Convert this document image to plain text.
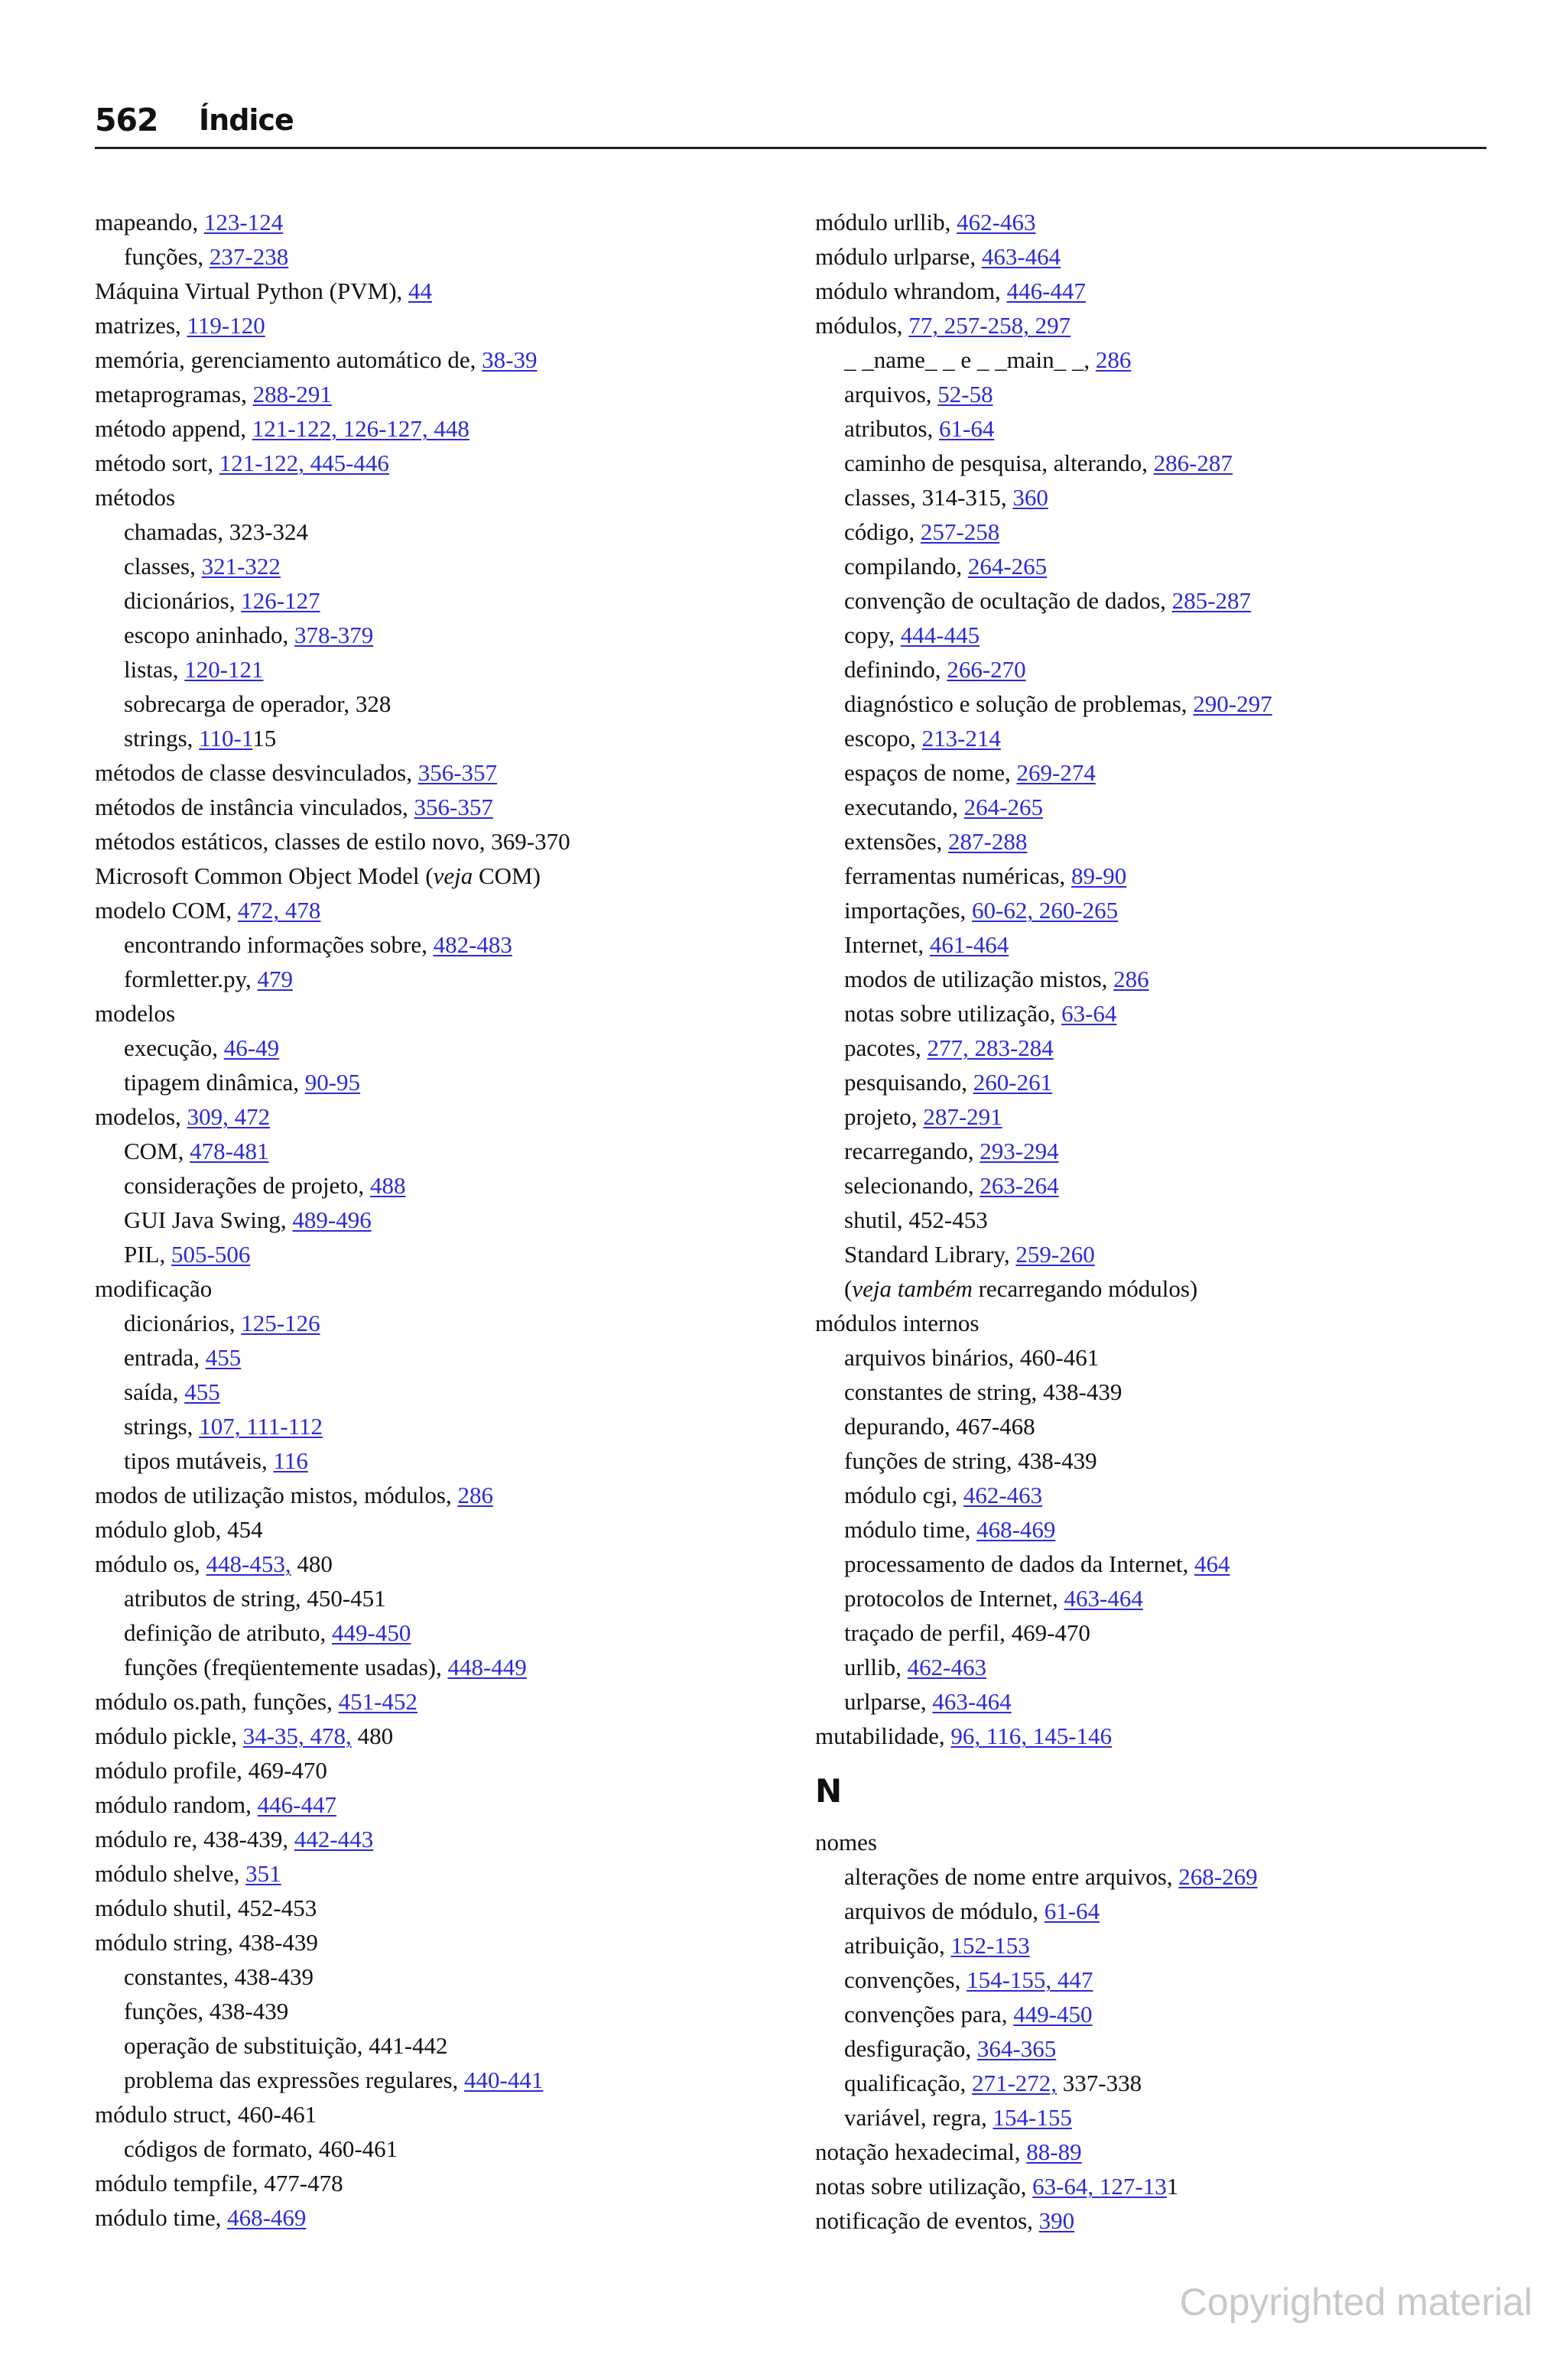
562 Índice
mapeando, 123-124
funções, 237-238
Máquina Virtual Python (PVM), 44
matrizes, 119-120
memória, gerenciamento automático de, 38-39
metaprogramas, 288-291
método append, 121-122, 126-127, 448
método sort, 121-122, 445-446
métodos
chamadas, 323-324
classes, 321-322
dicionários, 126-127
escopo aninhado, 378-379
listas, 120-121
sobrecarga de operador, 328
strings, 110-115
métodos de classe desvinculados, 356-357
métodos de instância vinculados, 356-357
métodos estáticos, classes de estilo novo, 369-370
Microsoft Common Object Model (veja COM)
modelo COM, 472, 478
encontrando informações sobre, 482-483
formletter.py, 479
modelos
execução, 46-49
tipagem dinâmica, 90-95
modelos, 309, 472
COM, 478-481
considerações de projeto, 488
GUI Java Swing, 489-496
PIL, 505-506
modificação
dicionários, 125-126
entrada, 455
saída, 455
strings, 107, 111-112
tipos mutáveis, 116
modos de utilização mistos, módulos, 286
módulo glob, 454
módulo os, 448-453, 480
atributos de string, 450-451
definição de atributo, 449-450
funções (freqüentemente usadas), 448-449
módulo os.path, funções, 451-452
módulo pickle, 34-35, 478, 480
módulo profile, 469-470
módulo random, 446-447
módulo re, 438-439, 442-443
módulo shelve, 351
módulo shutil, 452-453
módulo string, 438-439
constantes, 438-439
funções, 438-439
operação de substituição, 441-442
problema das expressões regulares, 440-441
módulo struct, 460-461
códigos de formato, 460-461
módulo tempfile, 477-478
módulo time, 468-469
módulo urllib, 462-463
módulo urlparse, 463-464
módulo whrandom, 446-447
módulos, 77, 257-258, 297
_ _name_ _ e _ _main_ _, 286
arquivos, 52-58
atributos, 61-64
caminho de pesquisa, alterando, 286-287
classes, 314-315, 360
código, 257-258
compilando, 264-265
convenção de ocultação de dados, 285-287
copy, 444-445
definindo, 266-270
diagnóstico e solução de problemas, 290-297
escopo, 213-214
espaços de nome, 269-274
executando, 264-265
extensões, 287-288
ferramentas numéricas, 89-90
importações, 60-62, 260-265
Internet, 461-464
modos de utilização mistos, 286
notas sobre utilização, 63-64
pacotes, 277, 283-284
pesquisando, 260-261
projeto, 287-291
recarregando, 293-294
selecionando, 263-264
shutil, 452-453
Standard Library, 259-260
(veja também recarregando módulos)
módulos internos
arquivos binários, 460-461
constantes de string, 438-439
depurando, 467-468
funções de string, 438-439
módulo cgi, 462-463
módulo time, 468-469
processamento de dados da Internet, 464
protocolos de Internet, 463-464
traçado de perfil, 469-470
urllib, 462-463
urlparse, 463-464
mutabilidade, 96, 116, 145-146
N
nomes
alterações de nome entre arquivos, 268-269
arquivos de módulo, 61-64
atribuição, 152-153
convenções, 154-155, 447
convenções para, 449-450
desfiguração, 364-365
qualificação, 271-272, 337-338
variável, regra, 154-155
notação hexadecimal, 88-89
notas sobre utilização, 63-64, 127-131
notificação de eventos, 390
Copyrighted material
